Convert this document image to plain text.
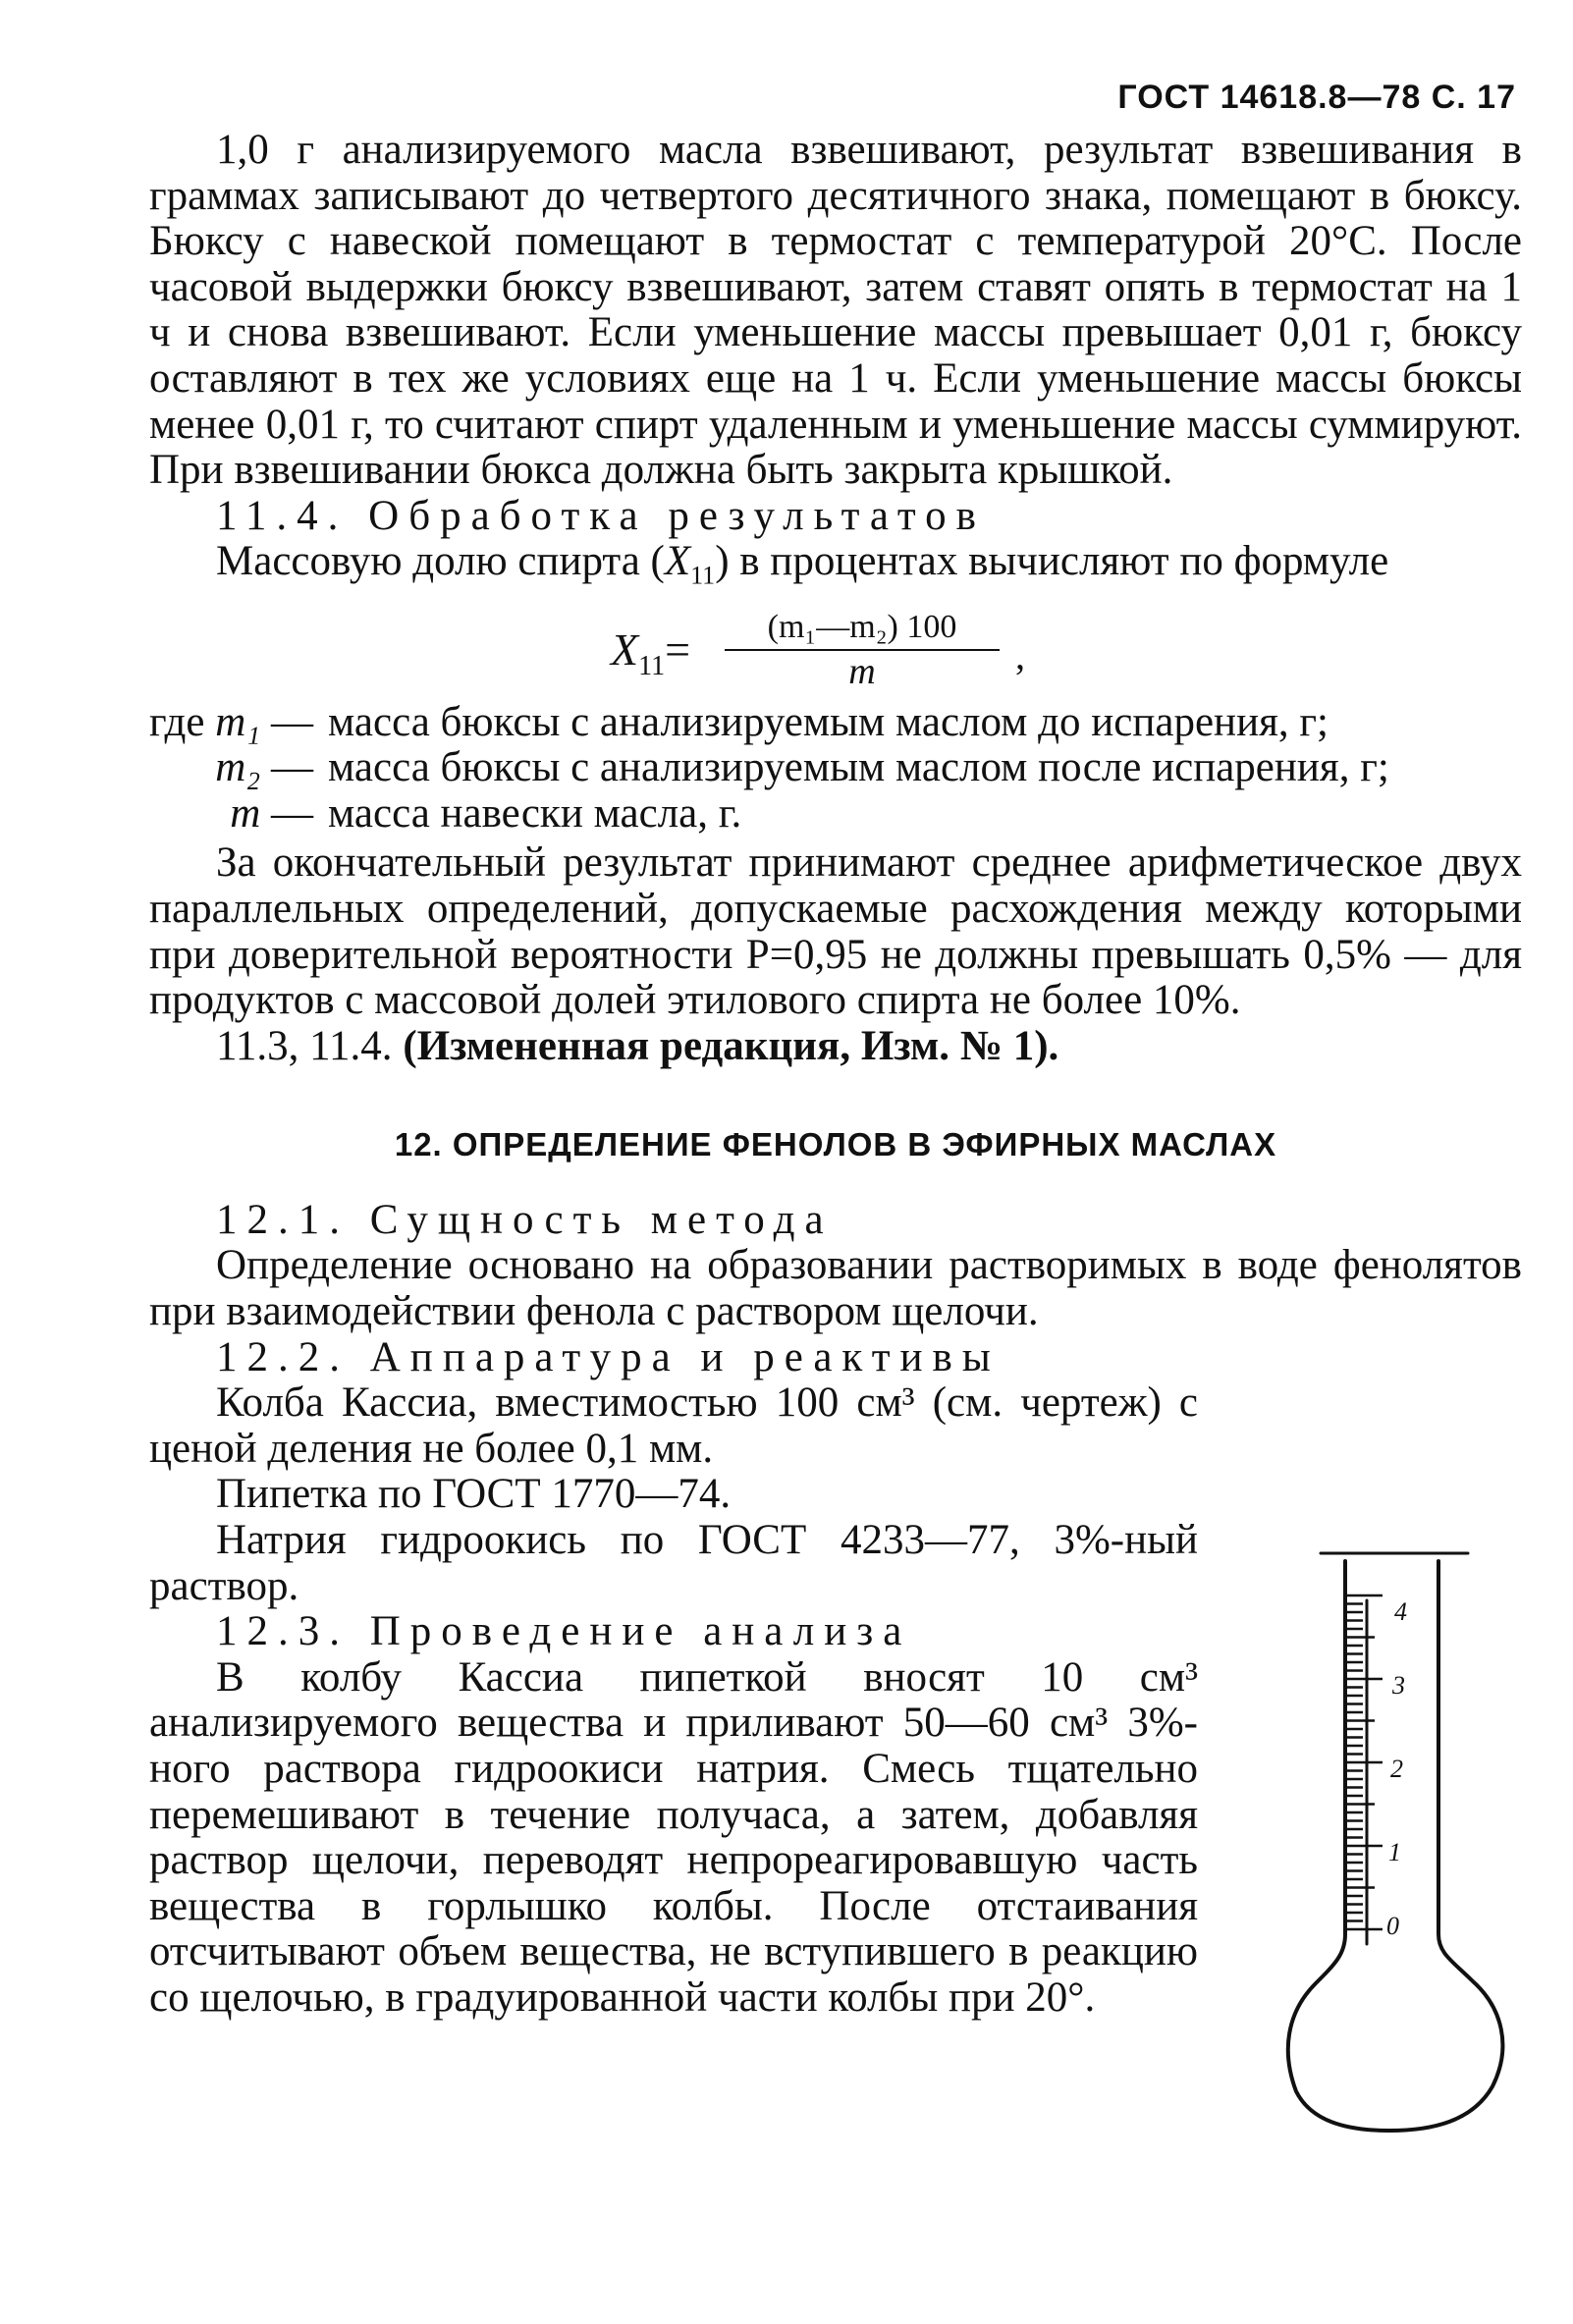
ГОСТ 14618.8—78 С. 17

1,0 г анализируемого масла взвешивают, результат взвешивания в граммах записывают до четвертого десятичного знака, помещают в бюксу. Бюксу с навеской помещают в термостат с температурой 20°С. После часовой выдержки бюксу взвешивают, затем ставят опять в термостат на 1 ч и снова взвешивают. Если уменьшение массы превышает 0,01 г, бюксу оставляют в тех же условиях еще на 1 ч. Если уменьшение массы бюксы менее 0,01 г, то считают спирт удаленным и уменьшение массы суммируют. При взвешивании бюкса должна быть закрыта крышкой.

11.4. Обработка результатов

Массовую долю спирта $(X_{11})$ в процентах вычисляют по формуле

$X_{11}= \frac{\text{(m₁—m₂) 100}}{m}$ ,
где m₁ — масса бюксы с анализируемым маслом до испарения, г;
m₂ — масса бюксы с анализируемым маслом после испарения, г;
m — масса навески масла, г.

За окончательный результат принимают среднее арифметическое двух параллельных определений, допускаемые расхождения между которыми при доверительной вероятности Р=0,95 не должны превышать 0,5% — для продуктов с массовой долей этилового спирта не более 10%.

11.3, 11.4. (Измененная редакция, Изм. № 1).

12. ОПРЕДЕЛЕНИЕ ФЕНОЛОВ В ЭФИРНЫХ МАСЛАХ

12.1. Сущность метода

Определение основано на образовании растворимых в воде фенолятов при взаимодействии фенола с раствором щелочи.

12.2. Аппаратура и реактивы

Колба Кассиа, вместимостью 100 см³ (см. чертеж) с ценой деления не более 0,1 мм.

Пипетка по ГОСТ 1770—74.

Натрия гидроокись по ГОСТ 4233—77, 3%-ный раствор.

12.3. Проведение анализа

В колбу Кассиа пипеткой вносят 10 см³ анализируемого вещества и приливают 50—60 см³ 3%-ного раствора гидроокиси натрия. Смесь тщательно перемешивают в течение получаса, а затем, добавляя раствор щелочи, переводят непрореагировавшую часть вещества в горлышко колбы. После отстаивания отсчитывают объем вещества, не вступившего в реакцию со щелочью, в градуированной части колбы при 20°.

4
3
2
1
0
